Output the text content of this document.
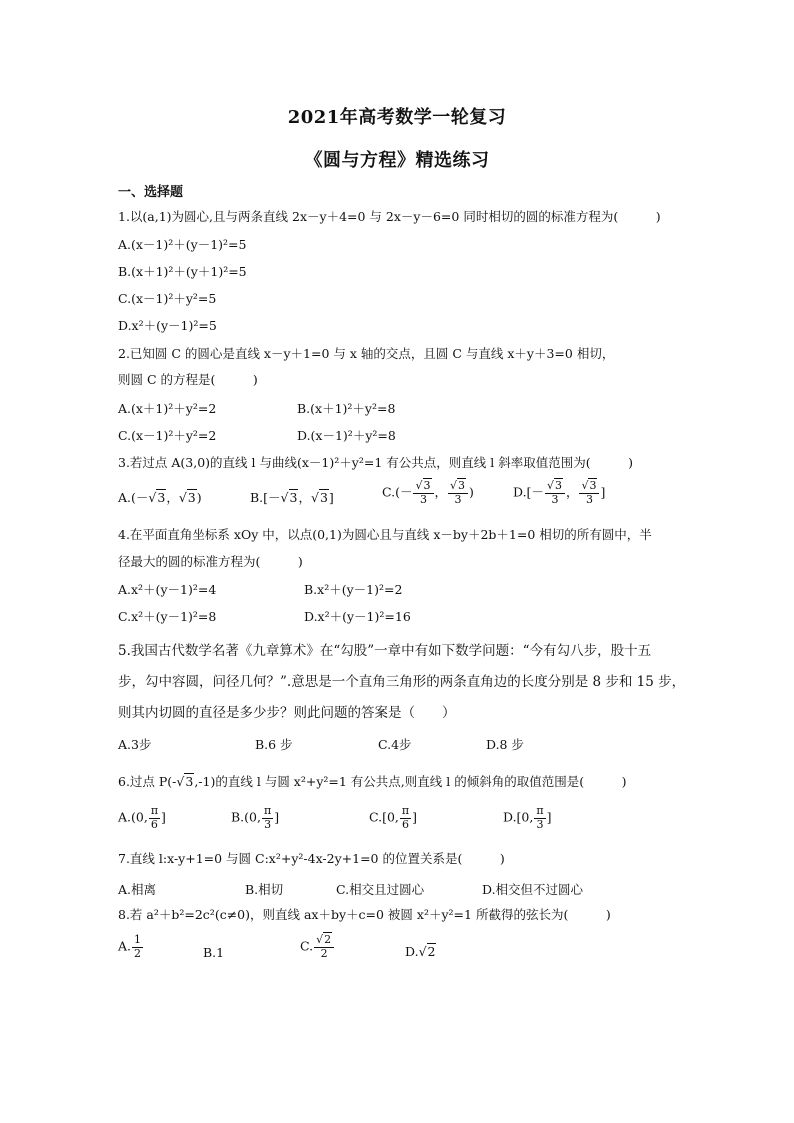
2021年高考数学一轮复习
《圆与方程》精选练习
一、选择题
1.以(a,1)为圆心,且与两条直线 2x－y＋4=0 与 2x－y－6=0 同时相切的圆的标准方程为(　　　)
A.(x－1)²＋(y－1)²=5
B.(x＋1)²＋(y＋1)²=5
C.(x－1)²＋y²=5
D.x²＋(y－1)²=5
2.已知圆 C 的圆心是直线 x－y＋1=0 与 x 轴的交点，且圆 C 与直线 x＋y＋3=0 相切，
则圆 C 的方程是(　　　)
A.(x＋1)²＋y²=2	B.(x＋1)²＋y²=8
C.(x－1)²＋y²=2	D.(x－1)²＋y²=8
3.若过点 A(3,0)的直线 l 与曲线(x－1)²＋y²=1 有公共点，则直线 l 斜率取值范围为(　　　)
A.(－√3，√3)	B.[－√3，√3]	$C.(- \frac{√3}{3}$ ， $\frac{√3}{3}$ )	$D.[- \frac{√3}{3}$ ， $\frac{√3}{3}$ ]
4.在平面直角坐标系 xOy 中，以点(0,1)为圆心且与直线 x－by＋2b＋1=0 相切的所有圆中，半
径最大的圆的标准方程为(　　　)
A.x²＋(y－1)²=4	B.x²＋(y－1)²=2
C.x²＋(y－1)²=8	D.x²＋(y－1)²=16
5.我国古代数学名著《九章算术》在“勾股”一章中有如下数学问题：“今有勾八步，股十五
步，勾中容圆，问径几何？”.意思是一个直角三角形的两条直角边的长度分别是 8 步和 15 步，
则其内切圆的直径是多少步？则此问题的答案是（　　）
A.3步	B.6 步	C.4步	D.8 步
6.过点 P(-√3,-1)的直线 l 与圆 x²+y²=1 有公共点,则直线 l 的倾斜角的取值范围是(　　　)
A.(0, $\frac{\pi}{6}$ ]	B.(0, $\frac{\pi}{3}$ ]	C.[0, $\frac{\pi}{6}$ ]	D.[0, $\frac{\pi}{3}$ ]
7.直线 l:x-y+1=0 与圆 C:x²+y²-4x-2y+1=0 的位置关系是(　　　)
A.相离	B.相切	C.相交且过圆心	D.相交但不过圆心
8.若 a²＋b²=2c²(c≠0)，则直线 ax＋by＋c=0 被圆 x²＋y²=1 所截得的弦长为(　　　)
A. $\frac{1}{2}$	B.1	C. $\frac{√2}{2}$	D.√2
